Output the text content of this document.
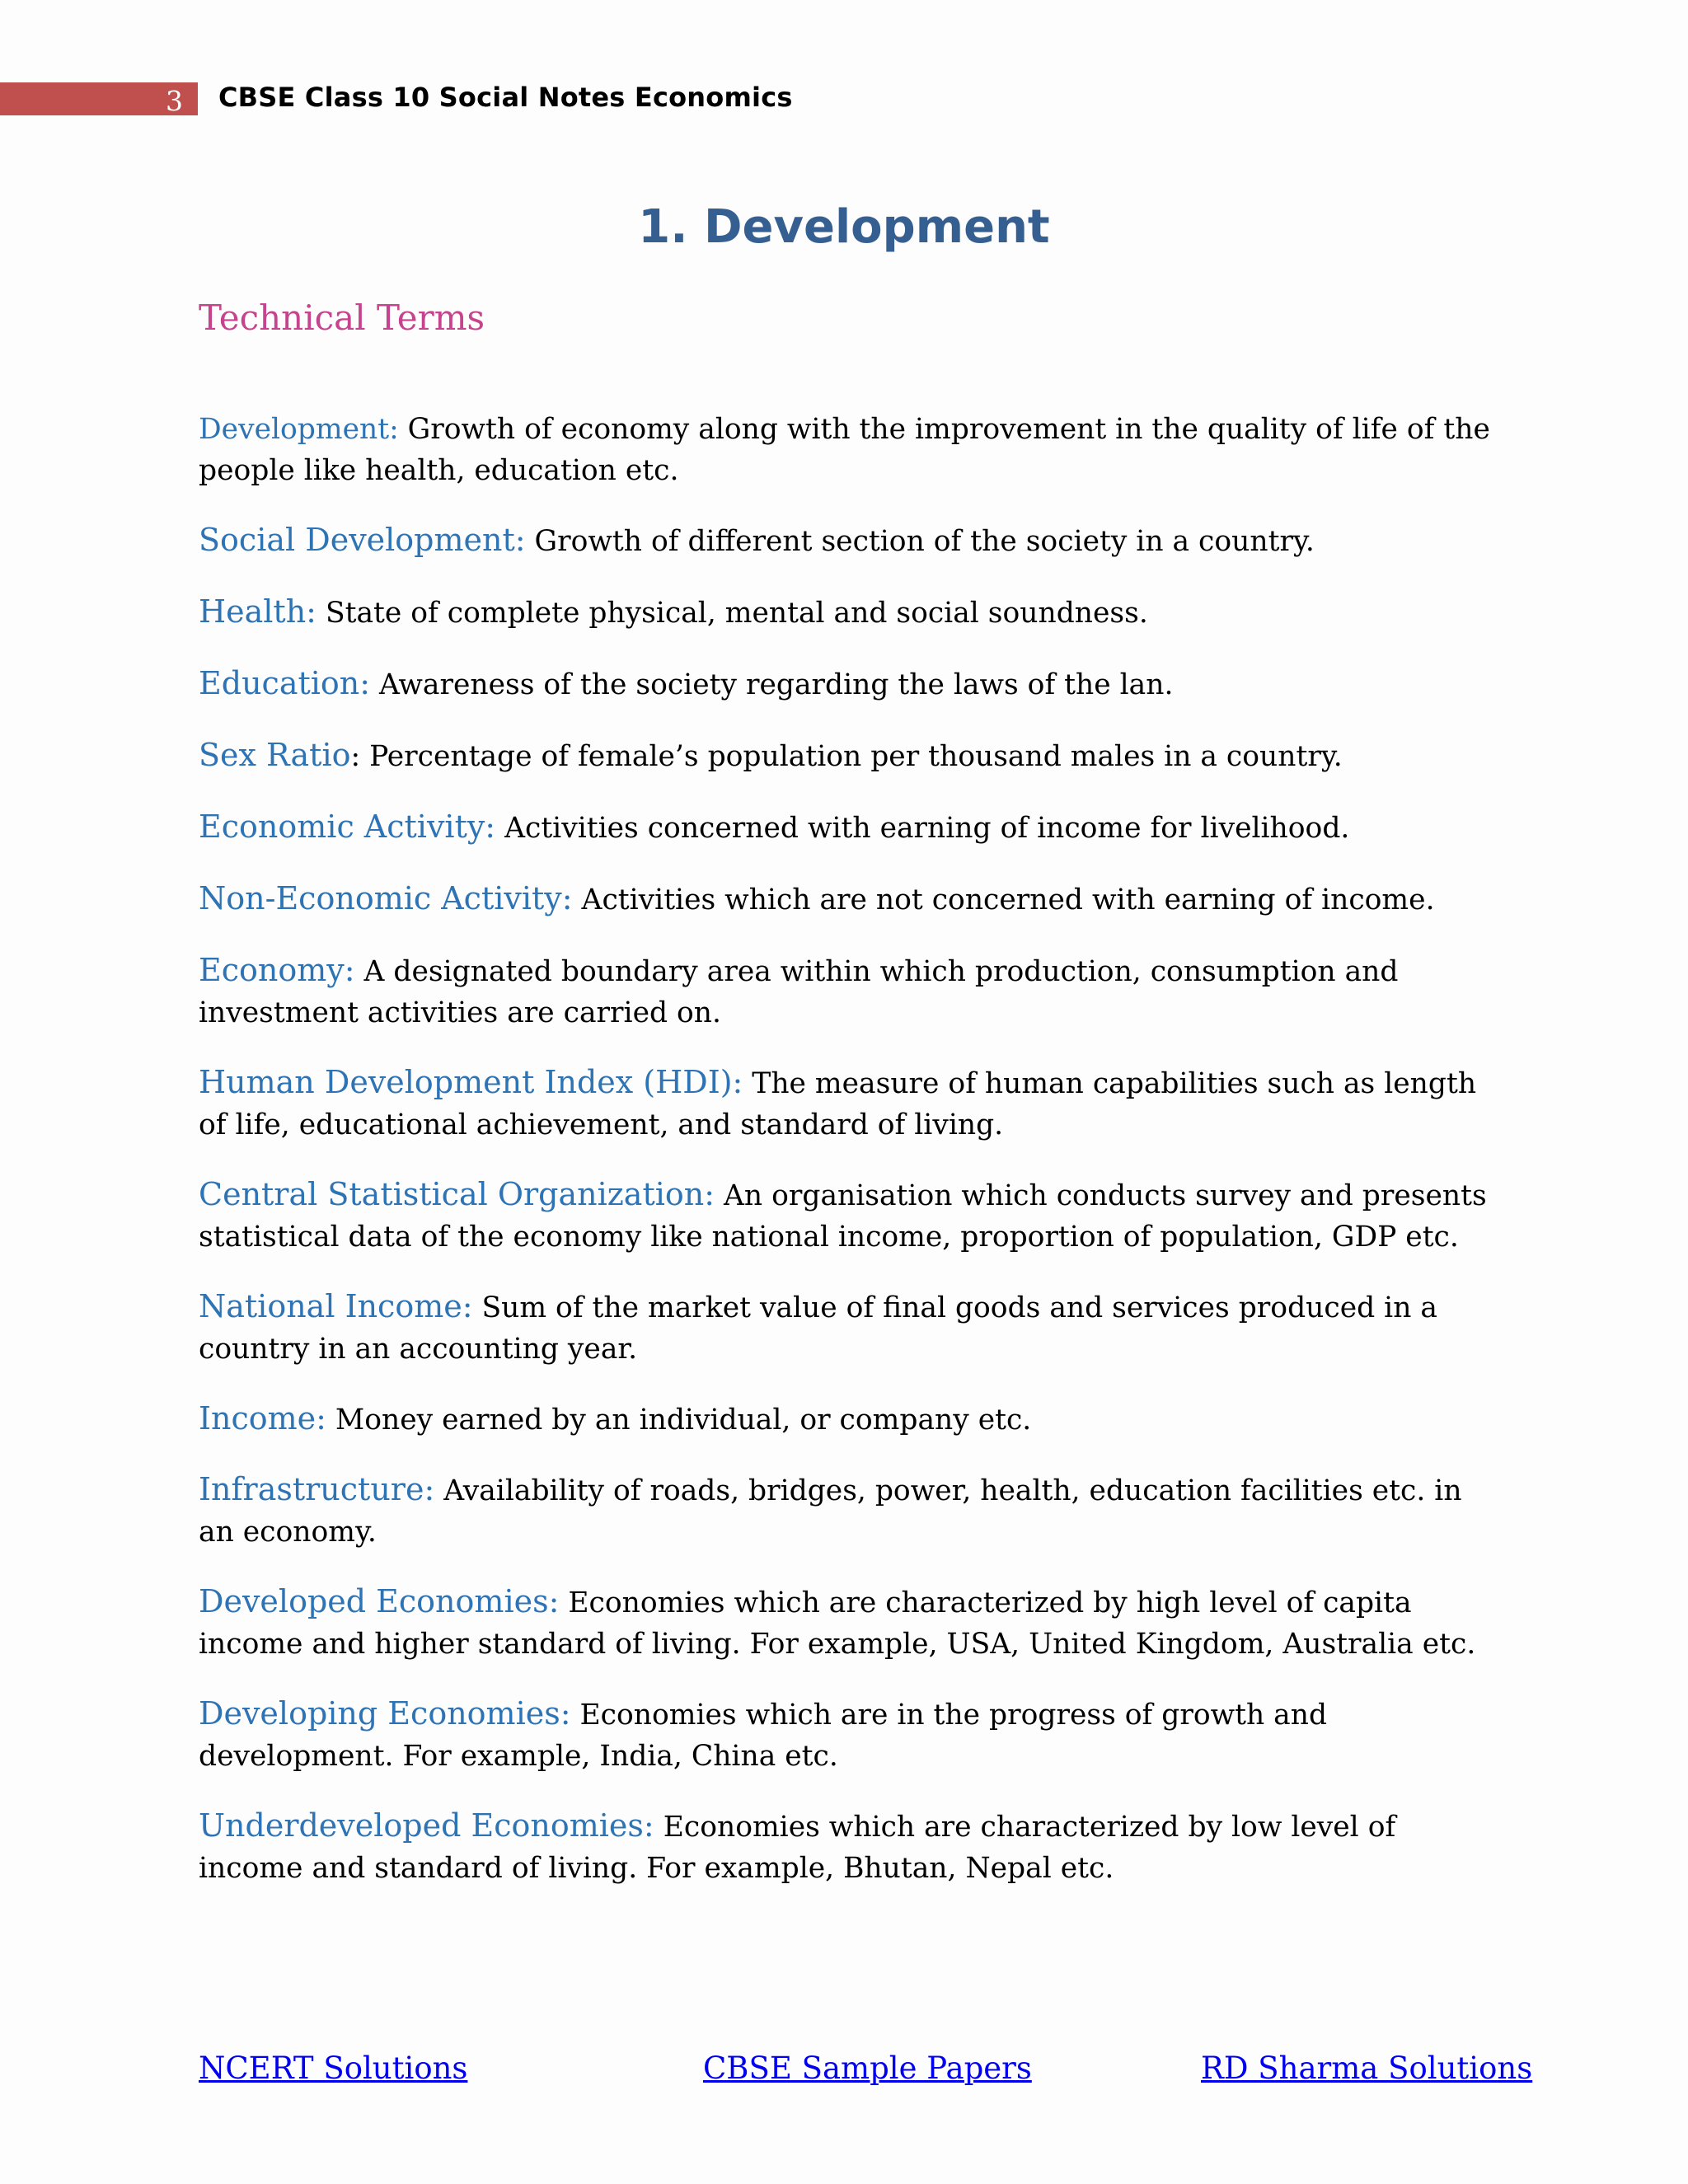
3 CBSE Class 10 Social Notes Economics
1. Development
Technical Terms

Development: Growth of economy along with the improvement in the quality of life of the people like health, education etc.

Social Development: Growth of different section of the society in a country.

Health: State of complete physical, mental and social soundness.

Education: Awareness of the society regarding the laws of the lan.

Sex Ratio: Percentage of female’s population per thousand males in a country.

Economic Activity: Activities concerned with earning of income for livelihood.

Non-Economic Activity: Activities which are not concerned with earning of income.

Economy: A designated boundary area within which production, consumption and investment activities are carried on.

Human Development Index (HDI): The measure of human capabilities such as length of life, educational achievement, and standard of living.

Central Statistical Organization: An organisation which conducts survey and presents statistical data of the economy like national income, proportion of population, GDP etc.

National Income: Sum of the market value of final goods and services produced in a country in an accounting year.

Income: Money earned by an individual, or company etc.

Infrastructure: Availability of roads, bridges, power, health, education facilities etc. in an economy.

Developed Economies: Economies which are characterized by high level of capita income and higher standard of living. For example, USA, United Kingdom, Australia etc.

Developing Economies: Economies which are in the progress of growth and development. For example, India, China etc.

Underdeveloped Economies: Economies which are characterized by low level of income and standard of living. For example, Bhutan, Nepal etc.

NCERT Solutions	CBSE Sample Papers	RD Sharma Solutions
